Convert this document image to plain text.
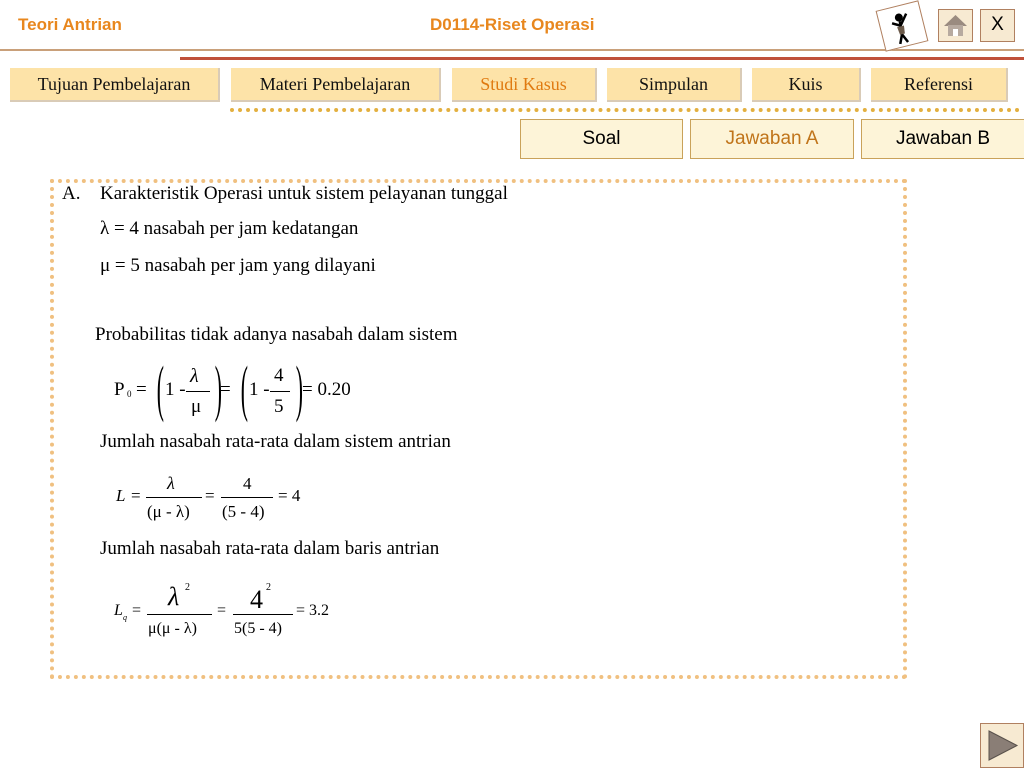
Teori Antrian	D0114-Riset Operasi	X
Tujuan Pembelajaran	Materi Pembelajaran	Studi Kasus	Simpulan	Kuis	Referensi
Soal	Jawaban A	Jawaban B
A. Karakteristik Operasi untuk sistem pelayanan tunggal
λ = 4 nasabah per jam kedatangan
μ = 5 nasabah per jam yang dilayani
Probabilitas tidak adanya nasabah dalam sistem
P 0 = ( 1 -
λ
μ )
= ( 1 -
4
5 ) = 0.20
Jumlah nasabah rata-rata dalam sistem antrian
L =
λ
(μ - λ)
=
4
(5 - 4)
= 4
Jumlah nasabah rata-rata dalam baris antrian
L q = λ 2
μ(μ - λ)
= 4 2
5(5 - 4)
= 3.2
